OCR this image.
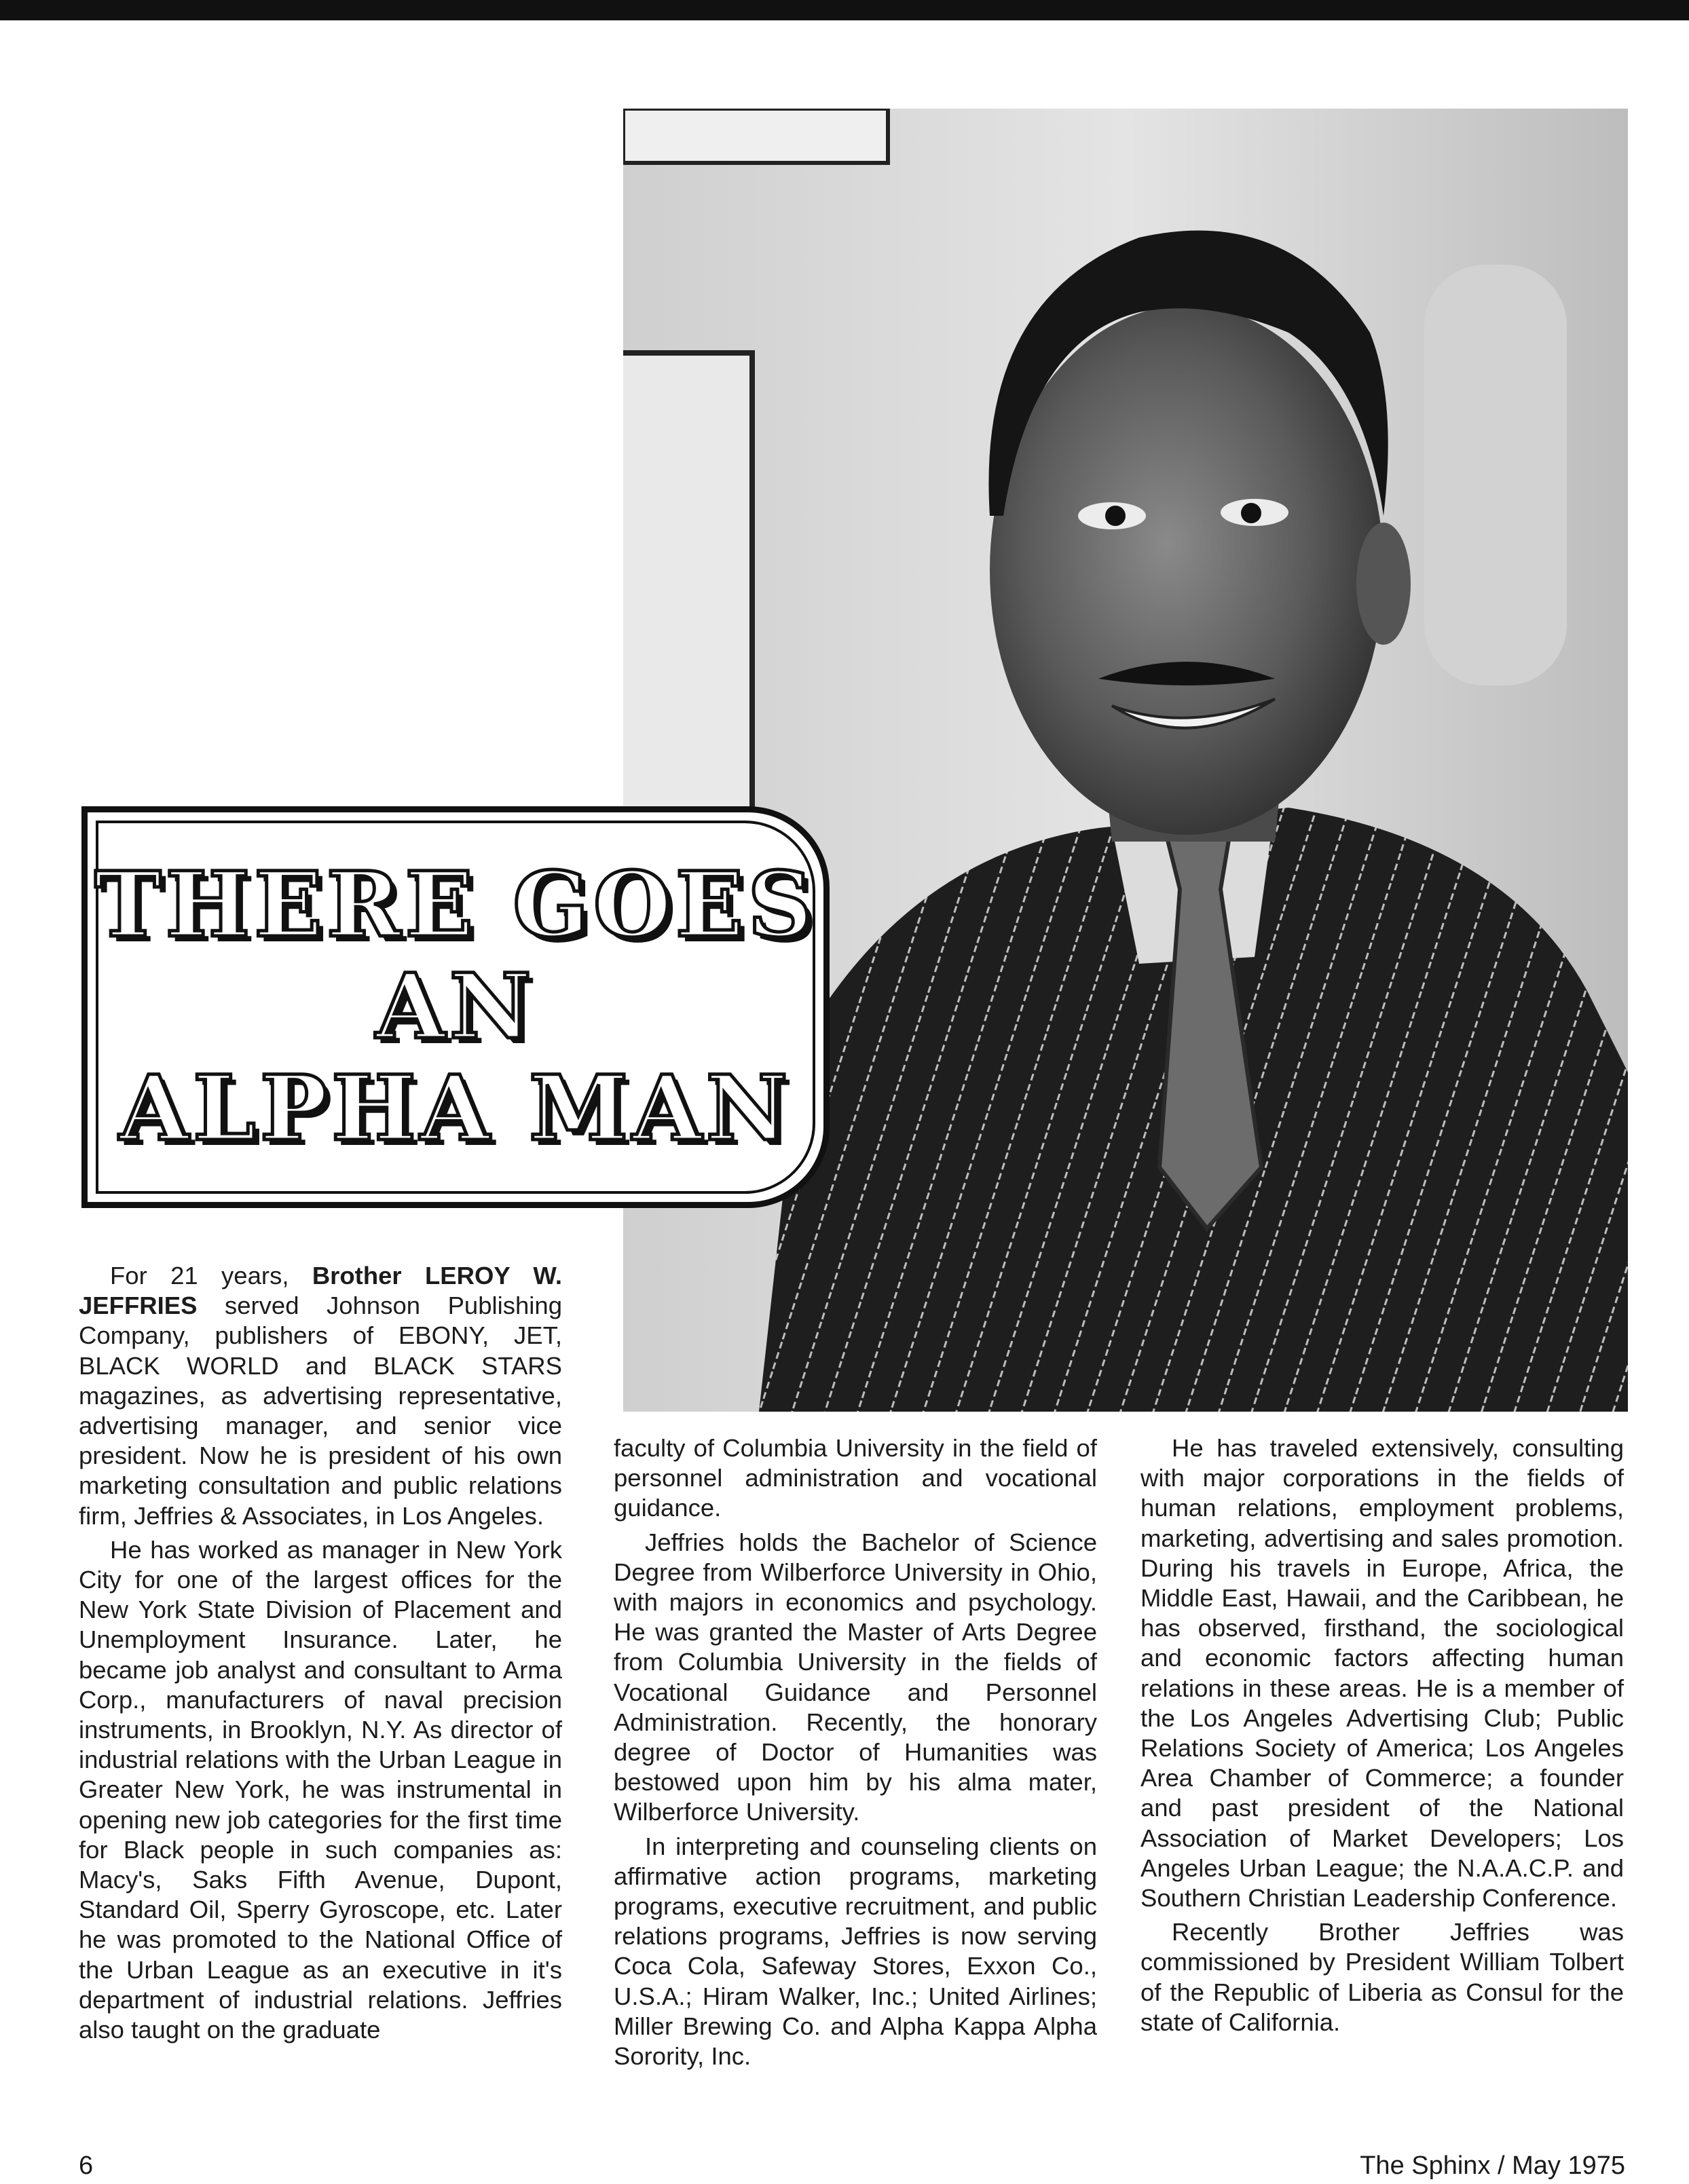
THERE GOES
AN
ALPHA MAN

For 21 years, Brother LEROY W. JEFFRIES served Johnson Publishing Company, publishers of EBONY, JET, BLACK WORLD and BLACK STARS magazines, as advertising representative, advertising manager, and senior vice president. Now he is president of his own marketing consultation and public relations firm, Jeffries & Associates, in Los Angeles.

He has worked as manager in New York City for one of the largest offices for the New York State Division of Placement and Unemployment Insurance. Later, he became job analyst and consultant to Arma Corp., manufacturers of naval precision instruments, in Brooklyn, N.Y. As director of industrial relations with the Urban League in Greater New York, he was instrumental in opening new job categories for the first time for Black people in such companies as: Macy's, Saks Fifth Avenue, Dupont, Standard Oil, Sperry Gyroscope, etc. Later he was promoted to the National Office of the Urban League as an executive in it's department of industrial relations. Jeffries also taught on the graduate

faculty of Columbia University in the field of personnel administration and vocational guidance.

Jeffries holds the Bachelor of Science Degree from Wilberforce University in Ohio, with majors in economics and psychology. He was granted the Master of Arts Degree from Columbia University in the fields of Vocational Guidance and Personnel Administration. Recently, the honorary degree of Doctor of Humanities was bestowed upon him by his alma mater, Wilberforce University.

In interpreting and counseling clients on affirmative action programs, marketing programs, executive recruitment, and public relations programs, Jeffries is now serving Coca Cola, Safeway Stores, Exxon Co., U.S.A.; Hiram Walker, Inc.; United Airlines; Miller Brewing Co. and Alpha Kappa Alpha Sorority, Inc.

He has traveled extensively, consulting with major corporations in the fields of human relations, employment problems, marketing, advertising and sales promotion. During his travels in Europe, Africa, the Middle East, Hawaii, and the Caribbean, he has observed, firsthand, the sociological and economic factors affecting human relations in these areas. He is a member of the Los Angeles Advertising Club; Public Relations Society of America; Los Angeles Area Chamber of Commerce; a founder and past president of the National Association of Market Developers; Los Angeles Urban League; the N.A.A.C.P. and Southern Christian Leadership Conference.

Recently Brother Jeffries was commissioned by President William Tolbert of the Republic of Liberia as Consul for the state of California.

6	The Sphinx / May 1975
